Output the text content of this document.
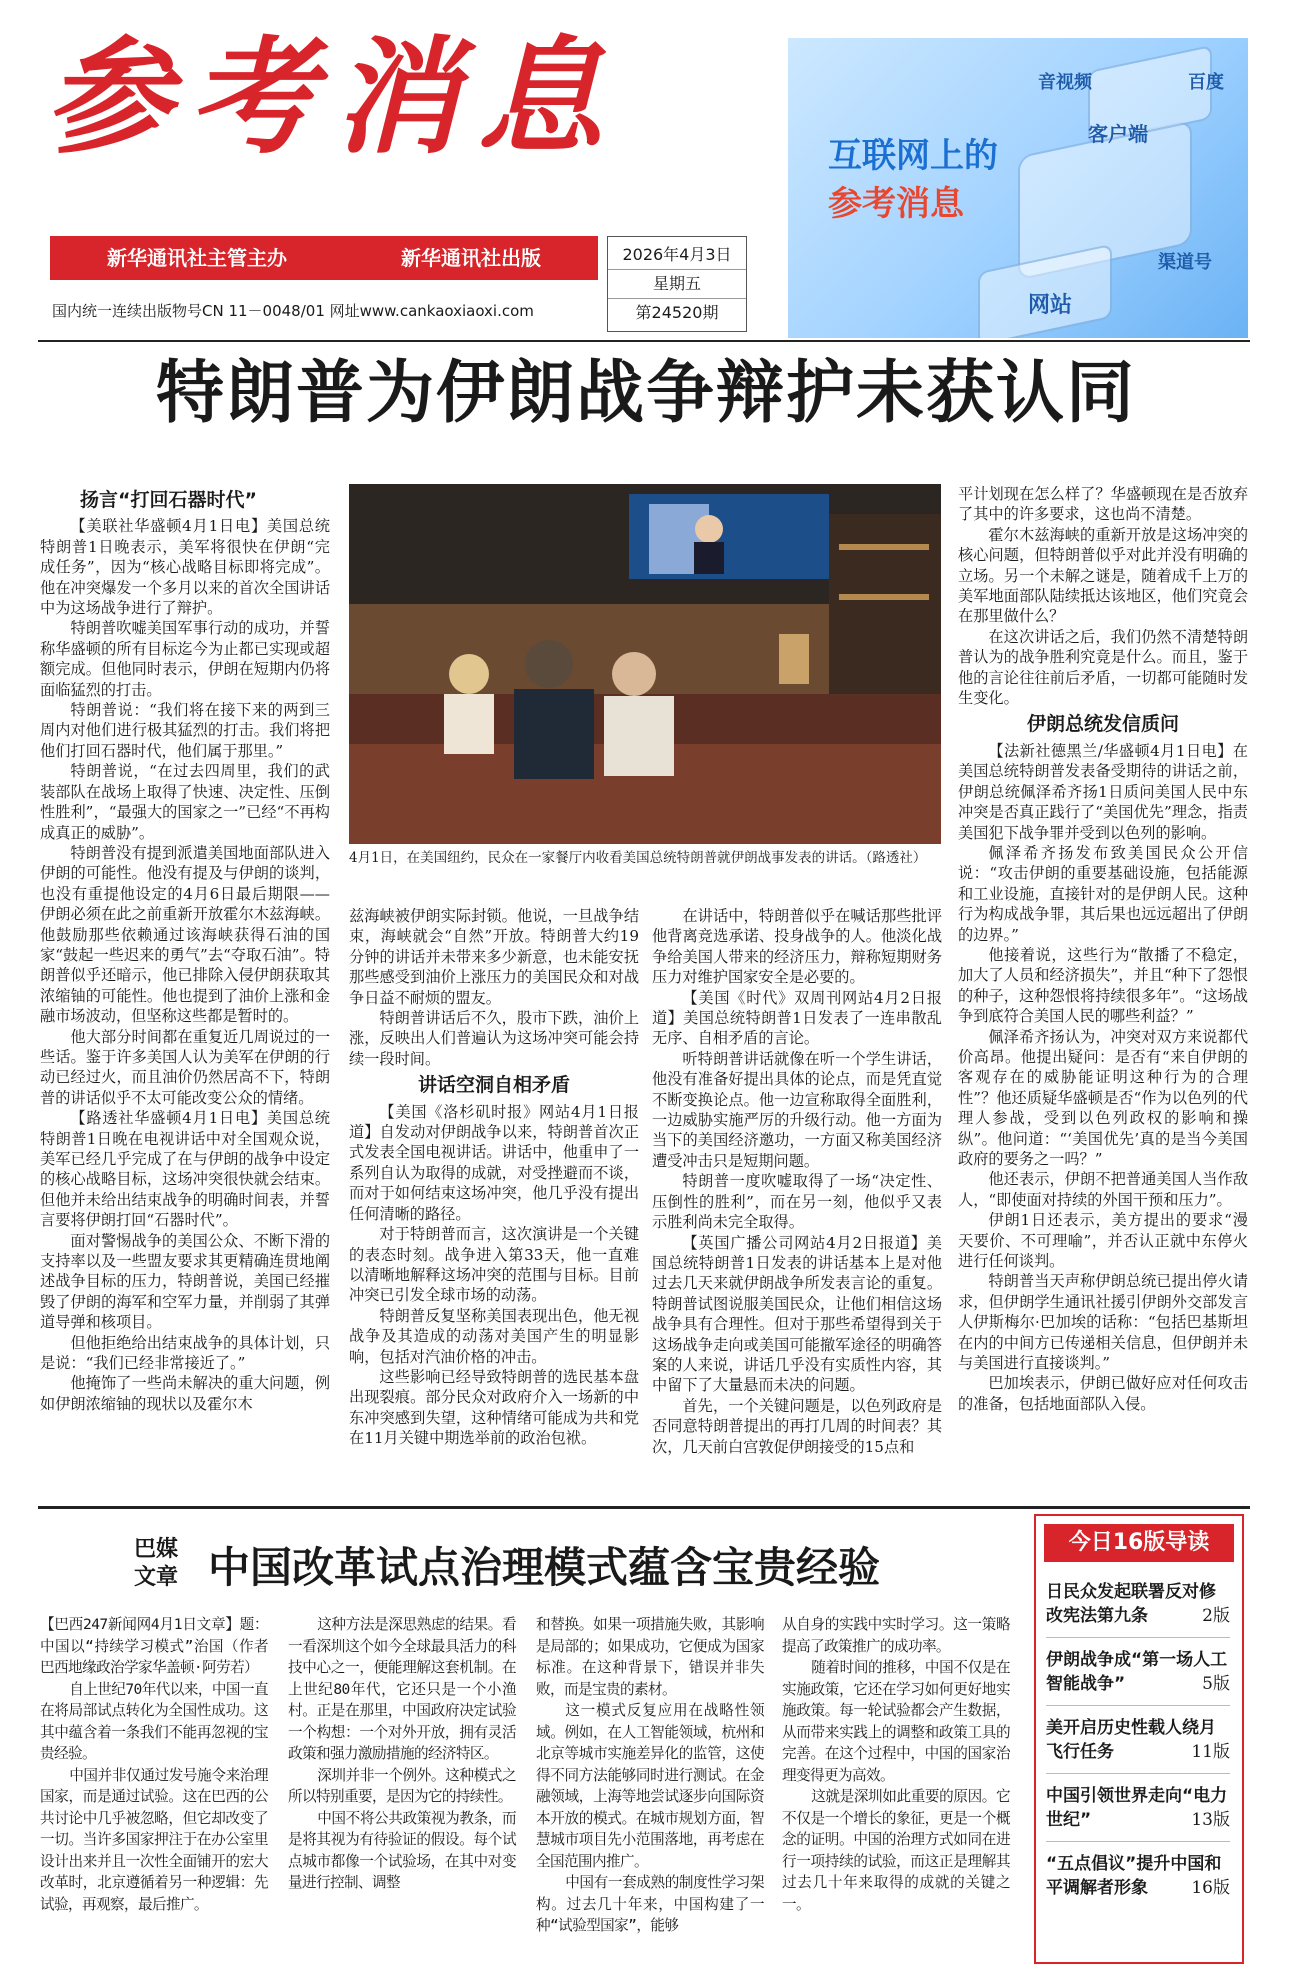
参考消息
新华通讯社主管主办	新华通讯社出版	2026年4月3日
星期五
第24520期
国内统一连续出版物号CN 11－0048/01 网址www.cankaoxiaoxi.com
互联网上的
参考消息
音视频	百度
客户端
渠道号
网站
特朗普为伊朗战争辩护未获认同
扬言“打回石器时代”

【美联社华盛顿4月1日电】美国总统特朗普1日晚表示，美军将很快在伊朗“完成任务”，因为“核心战略目标即将完成”。他在冲突爆发一个多月以来的首次全国讲话中为这场战争进行了辩护。

特朗普吹嘘美国军事行动的成功，并誓称华盛顿的所有目标迄今为止都已实现或超额完成。但他同时表示，伊朗在短期内仍将面临猛烈的打击。

特朗普说：“我们将在接下来的两到三周内对他们进行极其猛烈的打击。我们将把他们打回石器时代，他们属于那里。”

特朗普说，“在过去四周里，我们的武装部队在战场上取得了快速、决定性、压倒性胜利”，“最强大的国家之一”已经“不再构成真正的威胁”。

特朗普没有提到派遣美国地面部队进入伊朗的可能性。他没有提及与伊朗的谈判，也没有重提他设定的4月6日最后期限——伊朗必须在此之前重新开放霍尔木兹海峡。他鼓励那些依赖通过该海峡获得石油的国家“鼓起一些迟来的勇气”去“夺取石油”。特朗普似乎还暗示，他已排除入侵伊朗获取其浓缩铀的可能性。他也提到了油价上涨和金融市场波动，但坚称这些都是暂时的。

他大部分时间都在重复近几周说过的一些话。鉴于许多美国人认为美军在伊朗的行动已经过火，而且油价仍然居高不下，特朗普的讲话似乎不太可能改变公众的情绪。

【路透社华盛顿4月1日电】美国总统特朗普1日晚在电视讲话中对全国观众说，美军已经几乎完成了在与伊朗的战争中设定的核心战略目标，这场冲突很快就会结束。但他并未给出结束战争的明确时间表，并誓言要将伊朗打回“石器时代”。

面对警惕战争的美国公众、不断下滑的支持率以及一些盟友要求其更精确连贯地阐述战争目标的压力，特朗普说，美国已经摧毁了伊朗的海军和空军力量，并削弱了其弹道导弹和核项目。

但他拒绝给出结束战争的具体计划，只是说：“我们已经非常接近了。”

他掩饰了一些尚未解决的重大问题，例如伊朗浓缩铀的现状以及霍尔木

4月1日，在美国纽约，民众在一家餐厅内收看美国总统特朗普就伊朗战事发表的讲话。（路透社）

兹海峡被伊朗实际封锁。他说，一旦战争结束，海峡就会“自然”开放。特朗普大约19分钟的讲话并未带来多少新意，也未能安抚那些感受到油价上涨压力的美国民众和对战争日益不耐烦的盟友。

特朗普讲话后不久，股市下跌，油价上涨，反映出人们普遍认为这场冲突可能会持续一段时间。

讲话空洞自相矛盾

【美国《洛杉矶时报》网站4月1日报道】自发动对伊朗战争以来，特朗普首次正式发表全国电视讲话。讲话中，他重申了一系列自认为取得的成就，对受挫避而不谈，而对于如何结束这场冲突，他几乎没有提出任何清晰的路径。

对于特朗普而言，这次演讲是一个关键的表态时刻。战争进入第33天，他一直难以清晰地解释这场冲突的范围与目标。目前冲突已引发全球市场的动荡。

特朗普反复坚称美国表现出色，他无视战争及其造成的动荡对美国产生的明显影响，包括对汽油价格的冲击。

这些影响已经导致特朗普的选民基本盘出现裂痕。部分民众对政府介入一场新的中东冲突感到失望，这种情绪可能成为共和党在11月关键中期选举前的政治包袱。

在讲话中，特朗普似乎在喊话那些批评他背离竞选承诺、投身战争的人。他淡化战争给美国人带来的经济压力，辩称短期财务压力对维护国家安全是必要的。

【美国《时代》双周刊网站4月2日报道】美国总统特朗普1日发表了一连串散乱无序、自相矛盾的言论。

听特朗普讲话就像在听一个学生讲话，他没有准备好提出具体的论点，而是凭直觉不断变换论点。他一边宣称取得全面胜利，一边威胁实施严厉的升级行动。他一方面为当下的美国经济邀功，一方面又称美国经济遭受冲击只是短期问题。

特朗普一度吹嘘取得了一场“决定性、压倒性的胜利”，而在另一刻，他似乎又表示胜利尚未完全取得。

【英国广播公司网站4月2日报道】美国总统特朗普1日发表的讲话基本上是对他过去几天来就伊朗战争所发表言论的重复。特朗普试图说服美国民众，让他们相信这场战争具有合理性。但对于那些希望得到关于这场战争走向或美国可能撤军途径的明确答案的人来说，讲话几乎没有实质性内容，其中留下了大量悬而未决的问题。

首先，一个关键问题是，以色列政府是否同意特朗普提出的再打几周的时间表？其次，几天前白宫敦促伊朗接受的15点和

平计划现在怎么样了？华盛顿现在是否放弃了其中的许多要求，这也尚不清楚。

霍尔木兹海峡的重新开放是这场冲突的核心问题，但特朗普似乎对此并没有明确的立场。另一个未解之谜是，随着成千上万的美军地面部队陆续抵达该地区，他们究竟会在那里做什么？

在这次讲话之后，我们仍然不清楚特朗普认为的战争胜利究竟是什么。而且，鉴于他的言论往往前后矛盾，一切都可能随时发生变化。

伊朗总统发信质问

【法新社德黑兰/华盛顿4月1日电】在美国总统特朗普发表备受期待的讲话之前，伊朗总统佩泽希齐扬1日质问美国人民中东冲突是否真正践行了“美国优先”理念，指责美国犯下战争罪并受到以色列的影响。

佩泽希齐扬发布致美国民众公开信说：“攻击伊朗的重要基础设施，包括能源和工业设施，直接针对的是伊朗人民。这种行为构成战争罪，其后果也远远超出了伊朗的边界。”

他接着说，这些行为“散播了不稳定，加大了人员和经济损失”，并且“种下了怨恨的种子，这种怨恨将持续很多年”。“这场战争到底符合美国人民的哪些利益？”

佩泽希齐扬认为，冲突对双方来说都代价高昂。他提出疑问：是否有“来自伊朗的客观存在的威胁能证明这种行为的合理性”？他还质疑华盛顿是否“作为以色列的代理人参战，受到以色列政权的影响和操纵”。他问道：“‘美国优先’真的是当今美国政府的要务之一吗？”

他还表示，伊朗不把普通美国人当作敌人，“即使面对持续的外国干预和压力”。

伊朗1日还表示，美方提出的要求“漫天要价、不可理喻”，并否认正就中东停火进行任何谈判。

特朗普当天声称伊朗总统已提出停火请求，但伊朗学生通讯社援引伊朗外交部发言人伊斯梅尔·巴加埃的话称：“包括巴基斯坦在内的中间方已传递相关信息，但伊朗并未与美国进行直接谈判。”

巴加埃表示，伊朗已做好应对任何攻击的准备，包括地面部队入侵。

巴媒文章 中国改革试点治理模式蕴含宝贵经验

【巴西247新闻网4月1日文章】题：中国以“持续学习模式”治国（作者 巴西地缘政治学家华盖顿·阿劳若）

自上世纪70年代以来，中国一直在将局部试点转化为全国性成功。这其中蕴含着一条我们不能再忽视的宝贵经验。

中国并非仅通过发号施令来治理国家，而是通过试验。这在巴西的公共讨论中几乎被忽略，但它却改变了一切。当许多国家押注于在办公室里设计出来并且一次性全面铺开的宏大改革时，北京遵循着另一种逻辑：先试验，再观察，最后推广。

这种方法是深思熟虑的结果。看一看深圳这个如今全球最具活力的科技中心之一，便能理解这套机制。在上世纪80年代，它还只是一个小渔村。正是在那里，中国政府决定试验一个构想：一个对外开放，拥有灵活政策和强力激励措施的经济特区。

深圳并非一个例外。这种模式之所以特别重要，是因为它的持续性。

中国不将公共政策视为教条，而是将其视为有待验证的假设。每个试点城市都像一个试验场，在其中对变量进行控制、调整

和替换。如果一项措施失败，其影响是局部的；如果成功，它便成为国家标准。在这种背景下，错误并非失败，而是宝贵的素材。

这一模式反复应用在战略性领域。例如，在人工智能领域，杭州和北京等城市实施差异化的监管，这使得不同方法能够同时进行测试。在金融领域，上海等地尝试逐步向国际资本开放的模式。在城市规划方面，智慧城市项目先小范围落地，再考虑在全国范围内推广。

中国有一套成熟的制度性学习架构。过去几十年来，中国构建了一种“试验型国家”，能够

从自身的实践中实时学习。这一策略提高了政策推广的成功率。

随着时间的推移，中国不仅是在实施政策，它还在学习如何更好地实施政策。每一轮试验都会产生数据，从而带来实践上的调整和政策工具的完善。在这个过程中，中国的国家治理变得更为高效。

这就是深圳如此重要的原因。它不仅是一个增长的象征，更是一个概念的证明。中国的治理方式如同在进行一项持续的试验，而这正是理解其过去几十年来取得的成就的关键之一。

今日16版导读
日民众发起联署反对修改宪法第九条	2版
伊朗战争成“第一场人工智能战争”	5版
美开启历史性载人绕月飞行任务	11版
中国引领世界走向“电力世纪”	13版
“五点倡议”提升中国和平调解者形象	16版
